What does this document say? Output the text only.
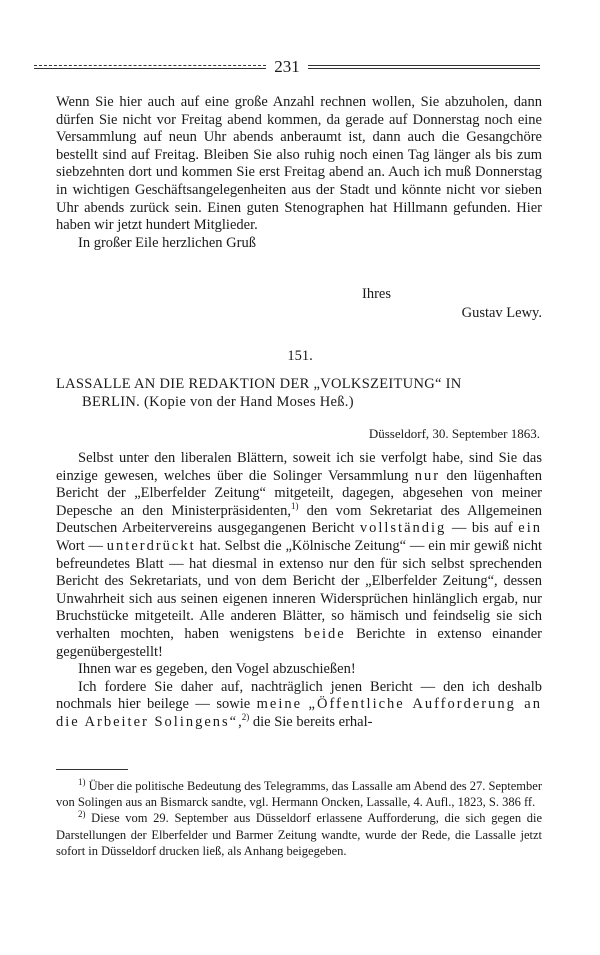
231

Wenn Sie hier auch auf eine große Anzahl rechnen wollen, Sie abzuholen, dann dürfen Sie nicht vor Freitag abend kommen, da gerade auf Donnerstag noch eine Versammlung auf neun Uhr abends anberaumt ist, dann auch die Gesangchöre bestellt sind auf Freitag. Bleiben Sie also ruhig noch einen Tag länger als bis zum siebzehnten dort und kommen Sie erst Freitag abend an. Auch ich muß Donnerstag in wichtigen Geschäftsangelegenheiten aus der Stadt und könnte nicht vor sieben Uhr abends zurück sein. Einen guten Stenographen hat Hillmann gefunden. Hier haben wir jetzt hundert Mitglieder.

In großer Eile herzlichen Gruß

Ihres
Gustav Lewy.
151.
LASSALLE AN DIE REDAKTION DER „VOLKSZEITUNG“ IN
BERLIN. (Kopie von der Hand Moses Heß.)
Düsseldorf, 30. September 1863.

Selbst unter den liberalen Blättern, soweit ich sie verfolgt habe, sind Sie das einzige gewesen, welches über die Solinger Versammlung nur den lügenhaften Bericht der „Elberfelder Zeitung“ mitgeteilt, dagegen, abgesehen von meiner Depesche an den Ministerpräsidenten,$^{1)}$ den vom Sekretariat des Allgemeinen Deutschen Arbeitervereins ausgegangenen Bericht vollständig — bis auf ein Wort — unterdrückt hat. Selbst die „Kölnische Zeitung“ — ein mir gewiß nicht befreundetes Blatt — hat diesmal in extenso nur den für sich selbst sprechenden Bericht des Sekretariats, und von dem Bericht der „Elberfelder Zeitung“, dessen Unwahrheit sich aus seinen eigenen inneren Widersprüchen hinlänglich ergab, nur Bruchstücke mitgeteilt. Alle anderen Blätter, so hämisch und feindselig sie sich verhalten mochten, haben wenigstens beide Berichte in extenso einander gegenübergestellt!

Ihnen war es gegeben, den Vogel abzuschießen!

Ich fordere Sie daher auf, nachträglich jenen Bericht — den ich deshalb nochmals hier beilege — sowie meine „Öffentliche Aufforderung an die Arbeiter Solingens“,$^{2)}$ die Sie bereits erhal-

$^{1)}$ Über die politische Bedeutung des Telegramms, das Lassalle am Abend des 27. September von Solingen aus an Bismarck sandte, vgl. Hermann Oncken, Lassalle, 4. Aufl., 1823, S. 386 ff.

$^{2)}$ Diese vom 29. September aus Düsseldorf erlassene Aufforderung, die sich gegen die Darstellungen der Elberfelder und Barmer Zeitung wandte, wurde der Rede, die Lassalle jetzt sofort in Düsseldorf drucken ließ, als Anhang beigegeben.
